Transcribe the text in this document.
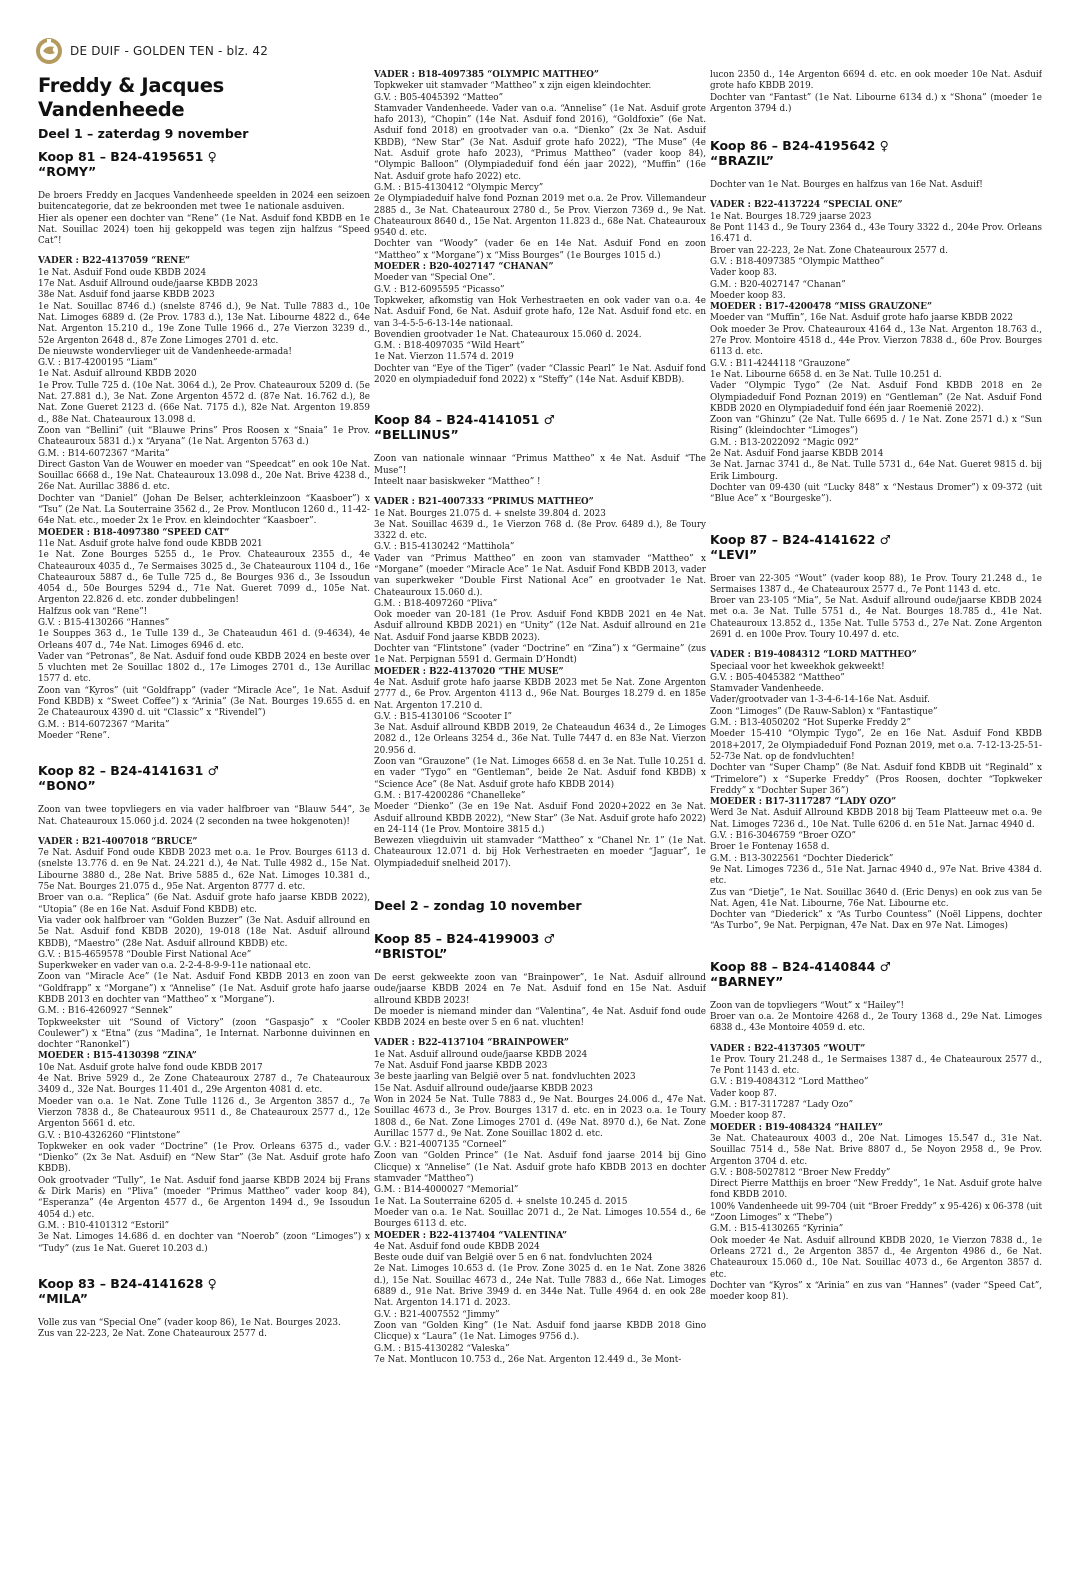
DE DUIF - GOLDEN TEN - blz. 42
Freddy & Jacques Vandenheede
Deel 1 – zaterdag 9 november
Koop 81 – B24-4195651 ♀
“ROMY”
De broers Freddy en Jacques Vandenheede speelden in 2024 een seizoen buitencategorie, dat ze bekroonden met twee 1e nationale asduiven.
Hier als opener een dochter van “Rene” (1e Nat. Asduif fond KBDB en 1e Nat. Souillac 2024) toen hij gekoppeld was tegen zijn halfzus “Speed Cat”!
VADER : B22-4137059 “RENE”
1e Nat. Asduif Fond oude KBDB 2024
17e Nat. Asduif Allround oude/jaarse KBDB 2023
38e Nat. Asduif fond jaarse KBDB 2023
1e Nat. Souillac 8746 d.) (snelste 8746 d.), 9e Nat. Tulle 7883 d., 10e Nat. Limoges 6889 d. (2e Prov. 1783 d.), 13e Nat. Libourne 4822 d., 64e Nat. Argenton 15.210 d., 19e Zone Tulle 1966 d., 27e Vierzon 3239 d., 52e Argenton 2648 d., 87e Zone Limoges 2701 d. etc.
De nieuwste wondervlieger uit de Vandenheede-armada!
G.V. : B17-4200195 “Liam”
1e Nat. Asduif allround KBDB 2020
1e Prov. Tulle 725 d. (10e Nat. 3064 d.), 2e Prov. Chateauroux 5209 d. (5e Nat. 27.881 d.), 3e Nat. Zone Argenton 4572 d. (87e Nat. 16.762 d.), 8e Nat. Zone Gueret 2123 d. (66e Nat. 7175 d.), 82e Nat. Argenton 19.859 d., 88e Nat. Chateauroux 13.098 d.
Zoon van “Bellini” (uit “Blauwe Prins” Pros Roosen x “Snaia” 1e Prov. Chateauroux 5831 d.) x “Aryana” (1e Nat. Argenton 5763 d.)
G.M. : B14-6072367 “Marita”
Direct Gaston Van de Wouwer en moeder van “Speedcat” en ook 10e Nat. Souillac 6668 d., 19e Nat. Chateauroux 13.098 d., 20e Nat. Brive 4238 d., 26e Nat. Aurillac 3886 d. etc.
Dochter van “Daniel” (Johan De Belser, achterkleinzoon “Kaasboer”) x “Tsu” (2e Nat. La Souterraine 3562 d., 2e Prov. Montlucon 1260 d., 11-42-64e Nat. etc., moeder 2x 1e Prov. en kleindochter “Kaasboer”.
MOEDER : B18-4097380 “SPEED CAT”
11e Nat. Asduif grote halve fond oude KBDB 2021
1e Nat. Zone Bourges 5255 d., 1e Prov. Chateauroux 2355 d., 4e Chateauroux 4035 d., 7e Sermaises 3025 d., 3e Chateauroux 1104 d., 16e Chateauroux 5887 d., 6e Tulle 725 d., 8e Bourges 936 d., 3e Issoudun 4054 d., 50e Bourges 5294 d., 71e Nat. Gueret 7099 d., 105e Nat. Argenton 22.826 d. etc. zonder dubbelingen!
Halfzus ook van “Rene”!
G.V. : B15-4130266 “Hannes”
1e Souppes 363 d., 1e Tulle 139 d., 3e Chateaudun 461 d. (9-4634), 4e Orleans 407 d., 74e Nat. Limoges 6946 d. etc.
Vader van “Petronas”, 8e Nat. Asduif fond oude KBDB 2024 en beste over 5 vluchten met 2e Souillac 1802 d., 17e Limoges 2701 d., 13e Aurillac 1577 d. etc.
Zoon van “Kyros” (uit “Goldfrapp” (vader “Miracle Ace”, 1e Nat. Asduif Fond KBDB) x “Sweet Coffee”) x “Arinia” (3e Nat. Bourges 19.655 d. en 2e Chateauroux 4390 d. uit “Classic” x “Rivendel”)
G.M. : B14-6072367 “Marita”
Moeder “Rene”.
Koop 82 – B24-4141631 ♂
“BONO”
Zoon van twee topvliegers en via vader halfbroer van “Blauw 544”, 3e Nat. Chateauroux 15.060 j.d. 2024 (2 seconden na twee hokgenoten)!
VADER : B21-4007018 “BRUCE”
7e Nat. Asduif Fond oude KBDB 2023 met o.a. 1e Prov. Bourges 6113 d. (snelste 13.776 d. en 9e Nat. 24.221 d.), 4e Nat. Tulle 4982 d., 15e Nat. Libourne 3880 d., 28e Nat. Brive 5885 d., 62e Nat. Limoges 10.381 d., 75e Nat. Bourges 21.075 d., 95e Nat. Argenton 8777 d. etc.
Broer van o.a. “Replica” (6e Nat. Asduif grote hafo jaarse KBDB 2022), “Utopia” (8e en 16e Nat. Asduif Fond KBDB) etc.
Via vader ook halfbroer van “Golden Buzzer” (3e Nat. Asduif allround en 5e Nat. Asduif fond KBDB 2020), 19-018 (18e Nat. Asduif allround KBDB), “Maestro” (28e Nat. Asduif allround KBDB) etc.
G.V. : B15-4659578 “Double First National Ace”
Superkweker en vader van o.a. 2-2-4-8-9-9-11e nationaal etc.
Zoon van “Miracle Ace” (1e Nat. Asduif Fond KBDB 2013 en zoon van “Goldfrapp” x “Morgane”) x “Annelise” (1e Nat. Asduif grote hafo jaarse KBDB 2013 en dochter van “Mattheo” x “Morgane”).
G.M. : B16-4260927 “Sennek”
Topkweekster uit “Sound of Victory” (zoon “Gaspasjo” x “Cooler Coulewer”) x “Etna” (zus “Madina”, 1e Internat. Narbonne duivinnen en dochter “Ranonkel”)
MOEDER : B15-4130398 “ZINA”
10e Nat. Asduif grote halve fond oude KBDB 2017
4e Nat. Brive 5929 d., 2e Zone Chateauroux 2787 d., 7e Chateauroux 3409 d., 32e Nat. Bourges 11.401 d., 29e Argenton 4081 d. etc.
Moeder van o.a. 1e Nat. Zone Tulle 1126 d., 3e Argenton 3857 d., 7e Vierzon 7838 d., 8e Chateauroux 9511 d., 8e Chateauroux 2577 d., 12e Argenton 5661 d. etc.
G.V. : B10-4326260 “Flintstone”
Topkweker en ook vader “Doctrine” (1e Prov. Orleans 6375 d., vader “Dienko” (2x 3e Nat. Asduif) en “New Star” (3e Nat. Asduif grote hafo KBDB).
Ook grootvader “Tully”, 1e Nat. Asduif fond jaarse KBDB 2024 bij Frans & Dirk Maris) en “Pliva” (moeder “Primus Mattheo” vader koop 84), “Esperanza” (4e Argenton 4577 d., 6e Argenton 1494 d., 9e Issoudun 4054 d.) etc.
G.M. : B10-4101312 “Estoril”
3e Nat. Limoges 14.686 d. en dochter van “Noerob” (zoon “Limoges”) x “Tudy” (zus 1e Nat. Gueret 10.203 d.)
Koop 83 – B24-4141628 ♀
“MILA”
Volle zus van “Special One” (vader koop 86), 1e Nat. Bourges 2023.
Zus van 22-223, 2e Nat. Zone Chateauroux 2577 d.
VADER : B18-4097385 “OLYMPIC MATTHEO”
Topkweker uit stamvader “Mattheo” x zijn eigen kleindochter.
G.V. : B05-4045392 “Matteo”
Stamvader Vandenheede. Vader van o.a. “Annelise” (1e Nat. Asduif grote hafo 2013), “Chopin” (14e Nat. Asduif fond 2016), “Goldfoxie” (6e Nat. Asduif fond 2018) en grootvader van o.a. “Dienko” (2x 3e Nat. Asduif KBDB), “New Star” (3e Nat. Asduif grote hafo 2022), “The Muse” (4e Nat. Asduif grote hafo 2023), “Primus Mattheo” (vader koop 84), “Olympic Balloon” (Olympiadeduif fond één jaar 2022), “Muffin” (16e Nat. Asduif grote hafo 2022) etc.
G.M. : B15-4130412 “Olympic Mercy”
2e Olympiadeduif halve fond Poznan 2019 met o.a. 2e Prov. Villemandeur 2885 d., 3e Nat. Chateauroux 2780 d., 5e Prov. Vierzon 7369 d., 9e Nat. Chateauroux 8640 d., 15e Nat. Argenton 11.823 d., 68e Nat. Chateauroux 9540 d. etc.
Dochter van “Woody” (vader 6e en 14e Nat. Asduif Fond en zoon “Mattheo” x “Morgane”) x “Miss Bourges” (1e Bourges 1015 d.)
MOEDER : B20-4027147 “CHANAN”
Moeder van “Special One”.
G.V. : B12-6095595 “Picasso”
Topkweker, afkomstig van Hok Verhestraeten en ook vader van o.a. 4e Nat. Asduif Fond, 6e Nat. Asduif grote hafo, 12e Nat. Asduif fond etc. en van 3-4-5-5-6-13-14e nationaal.
Bovendien grootvader 1e Nat. Chateauroux 15.060 d. 2024.
G.M. : B18-4097035 “Wild Heart”
1e Nat. Vierzon 11.574 d. 2019
Dochter van “Eye of the Tiger” (vader “Classic Pearl” 1e Nat. Asduif fond 2020 en olympiadeduif fond 2022) x “Steffy” (14e Nat. Asduif KBDB).
Koop 84 – B24-4141051 ♂
“BELLINUS”
Zoon van nationale winnaar “Primus Mattheo” x 4e Nat. Asduif “The Muse”!
Inteelt naar basiskweker “Mattheo” !
VADER : B21-4007333 “PRIMUS MATTHEO”
1e Nat. Bourges 21.075 d. + snelste 39.804 d. 2023
3e Nat. Souillac 4639 d., 1e Vierzon 768 d. (8e Prov. 6489 d.), 8e Toury 3322 d. etc.
G.V. : B15-4130242 “Mattihola”
Vader van “Primus Mattheo” en zoon van stamvader “Mattheo” x “Morgane” (moeder “Miracle Ace” 1e Nat. Asduif Fond KBDB 2013, vader van superkweker “Double First National Ace” en grootvader 1e Nat. Chateauroux 15.060 d.).
G.M. : B18-4097260 “Pliva”
Ook moeder van 20-181 (1e Prov. Asduif Fond KBDB 2021 en 4e Nat. Asduif allround KBDB 2021) en “Unity” (12e Nat. Asduif allround en 21e Nat. Asduif Fond jaarse KBDB 2023).
Dochter van “Flintstone” (vader “Doctrine” en “Zina”) x “Germaine” (zus 1e Nat. Perpignan 5591 d. Germain D’Hondt)
MOEDER : B22-4137020 “THE MUSE”
4e Nat. Asduif grote hafo jaarse KBDB 2023 met 5e Nat. Zone Argenton 2777 d., 6e Prov. Argenton 4113 d., 96e Nat. Bourges 18.279 d. en 185e Nat. Argenton 17.210 d.
G.V. : B15-4130106 “Scooter I”
3e Nat. Asduif allround KBDB 2019, 2e Chateaudun 4634 d., 2e Limoges 2082 d., 12e Orleans 3254 d., 36e Nat. Tulle 7447 d. en 83e Nat. Vierzon 20.956 d.
Zoon van “Grauzone” (1e Nat. Limoges 6658 d. en 3e Nat. Tulle 10.251 d. en vader “Tygo” en “Gentleman”, beide 2e Nat. Asduif fond KBDB) x “Science Ace” (8e Nat. Asduif grote hafo KBDB 2014)
G.M. : B17-4200286 “Chanelleke”
Moeder “Dienko” (3e en 19e Nat. Asduif Fond 2020+2022 en 3e Nat. Asduif allround KBDB 2022), “New Star” (3e Nat. Asduif grote hafo 2022) en 24-114 (1e Prov. Montoire 3815 d.)
Bewezen vliegduivin uit stamvader “Mattheo” x “Chanel Nr. 1” (1e Nat. Chateauroux 12.071 d. bij Hok Verhestraeten en moeder “Jaguar”, 1e Olympiadeduif snelheid 2017).
Deel 2 – zondag 10 november
Koop 85 – B24-4199003 ♂
“BRISTOL”
De eerst gekweekte zoon van “Brainpower”, 1e Nat. Asduif allround oude/jaarse KBDB 2024 en 7e Nat. Asduif fond en 15e Nat. Asduif allround KBDB 2023!
De moeder is niemand minder dan “Valentina”, 4e Nat. Asduif fond oude KBDB 2024 en beste over 5 en 6 nat. vluchten!
VADER : B22-4137104 “BRAINPOWER”
1e Nat. Asduif allround oude/jaarse KBDB 2024
7e Nat. Asduif Fond jaarse KBDB 2023
3e beste jaarling van België over 5 nat. fondvluchten 2023
15e Nat. Asduif allround oude/jaarse KBDB 2023
Won in 2024 5e Nat. Tulle 7883 d., 9e Nat. Bourges 24.006 d., 47e Nat. Souillac 4673 d., 3e Prov. Bourges 1317 d. etc. en in 2023 o.a. 1e Toury 1808 d., 6e Nat. Zone Limoges 2701 d. (49e Nat. 8970 d.), 6e Nat. Zone Aurillac 1577 d., 9e Nat. Zone Souillac 1802 d. etc.
G.V. : B21-4007135 “Corneel”
Zoon van “Golden Prince” (1e Nat. Asduif fond jaarse 2014 bij Gino Clicque) x “Annelise” (1e Nat. Asduif grote hafo KBDB 2013 en dochter stamvader “Mattheo”)
G.M. : B14-4000027 “Memorial”
1e Nat. La Souterraine 6205 d. + snelste 10.245 d. 2015
Moeder van o.a. 1e Nat. Souillac 2071 d., 2e Nat. Limoges 10.554 d., 6e Bourges 6113 d. etc.
MOEDER : B22-4137404 “VALENTINA”
4e Nat. Asduif fond oude KBDB 2024
Beste oude duif van België over 5 en 6 nat. fondvluchten 2024
2e Nat. Limoges 10.653 d. (1e Prov. Zone 3025 d. en 1e Nat. Zone 3826 d.), 15e Nat. Souillac 4673 d., 24e Nat. Tulle 7883 d., 66e Nat. Limoges 6889 d., 91e Nat. Brive 3949 d. en 344e Nat. Tulle 4964 d. en ook 28e Nat. Argenton 14.171 d. 2023.
G.V. : B21-4007552 “Jimmy”
Zoon van “Golden King” (1e Nat. Asduif fond jaarse KBDB 2018 Gino Clicque) x “Laura” (1e Nat. Limoges 9756 d.).
G.M. : B15-4130282 “Valeska”
7e Nat. Montlucon 10.753 d., 26e Nat. Argenton 12.449 d., 3e Mont-
lucon 2350 d., 14e Argenton 6694 d. etc. en ook moeder 10e Nat. Asduif grote hafo KBDB 2019.
Dochter van “Fantast” (1e Nat. Libourne 6134 d.) x “Shona” (moeder 1e Argenton 3794 d.)
Koop 86 – B24-4195642 ♀
“BRAZIL”
Dochter van 1e Nat. Bourges en halfzus van 16e Nat. Asduif!
VADER : B22-4137224 “SPECIAL ONE”
1e Nat. Bourges 18.729 jaarse 2023
8e Pont 1143 d., 9e Toury 2364 d., 43e Toury 3322 d., 204e Prov. Orleans 16.471 d.
Broer van 22-223, 2e Nat. Zone Chateauroux 2577 d.
G.V. : B18-4097385 “Olympic Mattheo”
Vader koop 83.
G.M. : B20-4027147 “Chanan”
Moeder koop 83.
MOEDER : B17-4200478 “MISS GRAUZONE”
Moeder van “Muffin”, 16e Nat. Asduif grote hafo jaarse KBDB 2022
Ook moeder 3e Prov. Chateauroux 4164 d., 13e Nat. Argenton 18.763 d., 27e Prov. Montoire 4518 d., 44e Prov. Vierzon 7838 d., 60e Prov. Bourges 6113 d. etc.
G.V. : B11-4244118 “Grauzone”
1e Nat. Libourne 6658 d. en 3e Nat. Tulle 10.251 d.
Vader “Olympic Tygo” (2e Nat. Asduif Fond KBDB 2018 en 2e Olympiadeduif Fond Poznan 2019) en “Gentleman” (2e Nat. Asduif Fond KBDB 2020 en Olympiadeduif fond één jaar Roemenië 2022).
Zoon van “Ghinzu” (2e Nat. Tulle 6695 d. / 1e Nat. Zone 2571 d.) x “Sun Rising” (kleindochter “Limoges”)
G.M. : B13-2022092 “Magic 092”
2e Nat. Asduif Fond jaarse KBDB 2014
3e Nat. Jarnac 3741 d., 8e Nat. Tulle 5731 d., 64e Nat. Gueret 9815 d. bij Erik Limbourg.
Dochter van 09-430 (uit “Lucky 848” x “Nestaus Dromer”) x 09-372 (uit “Blue Ace” x “Bourgeske”).
Koop 87 – B24-4141622 ♂
“LEVI”
Broer van 22-305 “Wout” (vader koop 88), 1e Prov. Toury 21.248 d., 1e Sermaises 1387 d., 4e Chateauroux 2577 d., 7e Pont 1143 d. etc.
Broer van 23-105 “Mia”, 5e Nat. Asduif allround oude/jaarse KBDB 2024 met o.a. 3e Nat. Tulle 5751 d., 4e Nat. Bourges 18.785 d., 41e Nat. Chateauroux 13.852 d., 135e Nat. Tulle 5753 d., 27e Nat. Zone Argenton 2691 d. en 100e Prov. Toury 10.497 d. etc.
VADER : B19-4084312 “LORD MATTHEO”
Speciaal voor het kweekhok gekweekt!
G.V. : B05-4045382 “Mattheo”
Stamvader Vandenheede.
Vader/grootvader van 1-3-4-6-14-16e Nat. Asduif.
Zoon “Limoges” (De Rauw-Sablon) x “Fantastique”
G.M. : B13-4050202 “Hot Superke Freddy 2”
Moeder 15-410 “Olympic Tygo”, 2e en 16e Nat. Asduif Fond KBDB 2018+2017, 2e Olympiadeduif Fond Poznan 2019, met o.a. 7-12-13-25-51-52-73e Nat. op de fondvluchten!
Dochter van “Super Champ” (8e Nat. Asduif fond KBDB uit “Reginald” x “Trimelore”) x “Superke Freddy” (Pros Roosen, dochter “Topkweker Freddy” x “Dochter Super 36”)
MOEDER : B17-3117287 “LADY OZO”
Werd 3e Nat. Asduif Allround KBDB 2018 bij Team Platteeuw met o.a. 9e Nat. Limoges 7236 d., 10e Nat. Tulle 6206 d. en 51e Nat. Jarnac 4940 d.
G.V. : B16-3046759 “Broer OZO”
Broer 1e Fontenay 1658 d.
G.M. : B13-3022561 “Dochter Diederick”
9e Nat. Limoges 7236 d., 51e Nat. Jarnac 4940 d., 97e Nat. Brive 4384 d. etc.
Zus van “Dietje”, 1e Nat. Souillac 3640 d. (Eric Denys) en ook zus van 5e Nat. Agen, 41e Nat. Libourne, 76e Nat. Libourne etc.
Dochter van “Diederick” x “As Turbo Countess” (Noël Lippens, dochter “As Turbo”, 9e Nat. Perpignan, 47e Nat. Dax en 97e Nat. Limoges)
Koop 88 – B24-4140844 ♂
“BARNEY”
Zoon van de topvliegers “Wout” x “Hailey”!
Broer van o.a. 2e Montoire 4268 d., 2e Toury 1368 d., 29e Nat. Limoges 6838 d., 43e Montoire 4059 d. etc.
VADER : B22-4137305 “WOUT”
1e Prov. Toury 21.248 d., 1e Sermaises 1387 d., 4e Chateauroux 2577 d., 7e Pont 1143 d. etc.
G.V. : B19-4084312 “Lord Mattheo”
Vader koop 87.
G.M. : B17-3117287 “Lady Ozo”
Moeder koop 87.
MOEDER : B19-4084324 “HAILEY”
3e Nat. Chateauroux 4003 d., 20e Nat. Limoges 15.547 d., 31e Nat. Souillac 7514 d., 58e Nat. Brive 8807 d., 5e Noyon 2958 d., 9e Prov. Argenton 3704 d. etc.
G.V. : B08-5027812 “Broer New Freddy”
Direct Pierre Matthijs en broer “New Freddy”, 1e Nat. Asduif grote halve fond KBDB 2010.
100% Vandenheede uit 99-704 (uit “Broer Freddy” x 95-426) x 06-378 (uit “Zoon Limoges” x “Thebe”)
G.M. : B15-4130265 “Kyrinia”
Ook moeder 4e Nat. Asduif allround KBDB 2020, 1e Vierzon 7838 d., 1e Orleans 2721 d., 2e Argenton 3857 d., 4e Argenton 4986 d., 6e Nat. Chateauroux 15.060 d., 10e Nat. Souillac 4073 d., 6e Argenton 3857 d. etc.
Dochter van “Kyros” x “Arinia” en zus van “Hannes” (vader “Speed Cat”, moeder koop 81).
